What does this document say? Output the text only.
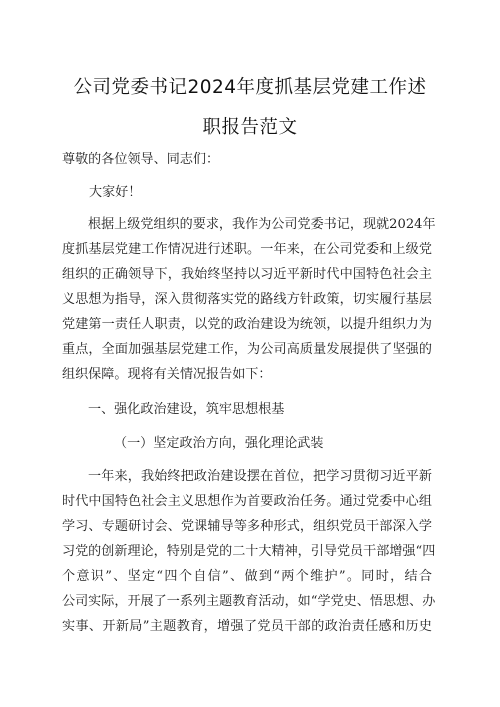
公司党委书记2024年度抓基层党建工作述
职报告范文
尊敬的各位领导、同志们：
大家好！
根据上级党组织的要求，我作为公司党委书记，现就2024年
度抓基层党建工作情况进行述职。一年来，在公司党委和上级党
组织的正确领导下，我始终坚持以习近平新时代中国特色社会主
义思想为指导，深入贯彻落实党的路线方针政策，切实履行基层
党建第一责任人职责，以党的政治建设为统领，以提升组织力为
重点，全面加强基层党建工作，为公司高质量发展提供了坚强的
组织保障。现将有关情况报告如下：
一、强化政治建设，筑牢思想根基
（一）坚定政治方向，强化理论武装
一年来，我始终把政治建设摆在首位，把学习贯彻习近平新
时代中国特色社会主义思想作为首要政治任务。通过党委中心组
学习、专题研讨会、党课辅导等多种形式，组织党员干部深入学
习党的创新理论，特别是党的二十大精神，引导党员干部增强“四
个意识”、坚定“四个自信”、做到“两个维护”。同时，结合
公司实际，开展了一系列主题教育活动，如“学党史、悟思想、办
实事、开新局”主题教育，增强了党员干部的政治责任感和历史
